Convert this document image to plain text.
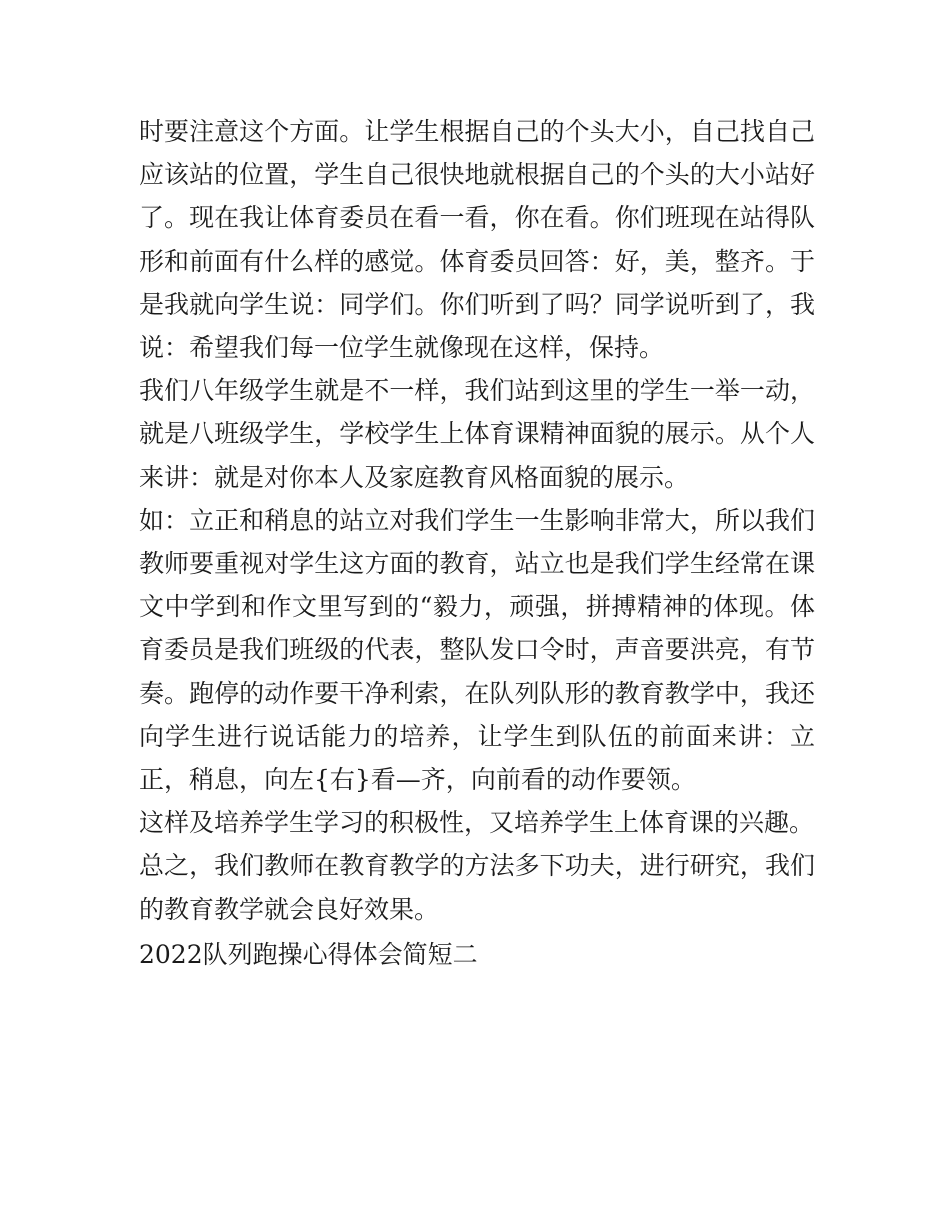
时要注意这个方面。让学生根据自己的个头大小，自己找自己应该站的位置，学生自己很快地就根据自己的个头的大小站好了。现在我让体育委员在看一看，你在看。你们班现在站得队形和前面有什么样的感觉。体育委员回答：好，美，整齐。于是我就向学生说：同学们。你们听到了吗？同学说听到了，我说：希望我们每一位学生就像现在这样，保持。

我们八年级学生就是不一样，我们站到这里的学生一举一动，就是八班级学生，学校学生上体育课精神面貌的展示。从个人来讲：就是对你本人及家庭教育风格面貌的展示。

如：立正和稍息的站立对我们学生一生影响非常大，所以我们教师要重视对学生这方面的教育，站立也是我们学生经常在课文中学到和作文里写到的“毅力，顽强，拼搏精神的体现。体育委员是我们班级的代表，整队发口令时，声音要洪亮，有节奏。跑停的动作要干净利索，在队列队形的教育教学中，我还向学生进行说话能力的培养，让学生到队伍的前面来讲：立正，稍息，向左{右}看—齐，向前看的动作要领。

这样及培养学生学习的积极性，又培养学生上体育课的兴趣。

总之，我们教师在教育教学的方法多下功夫，进行研究，我们的教育教学就会良好效果。

2022队列跑操心得体会简短二
